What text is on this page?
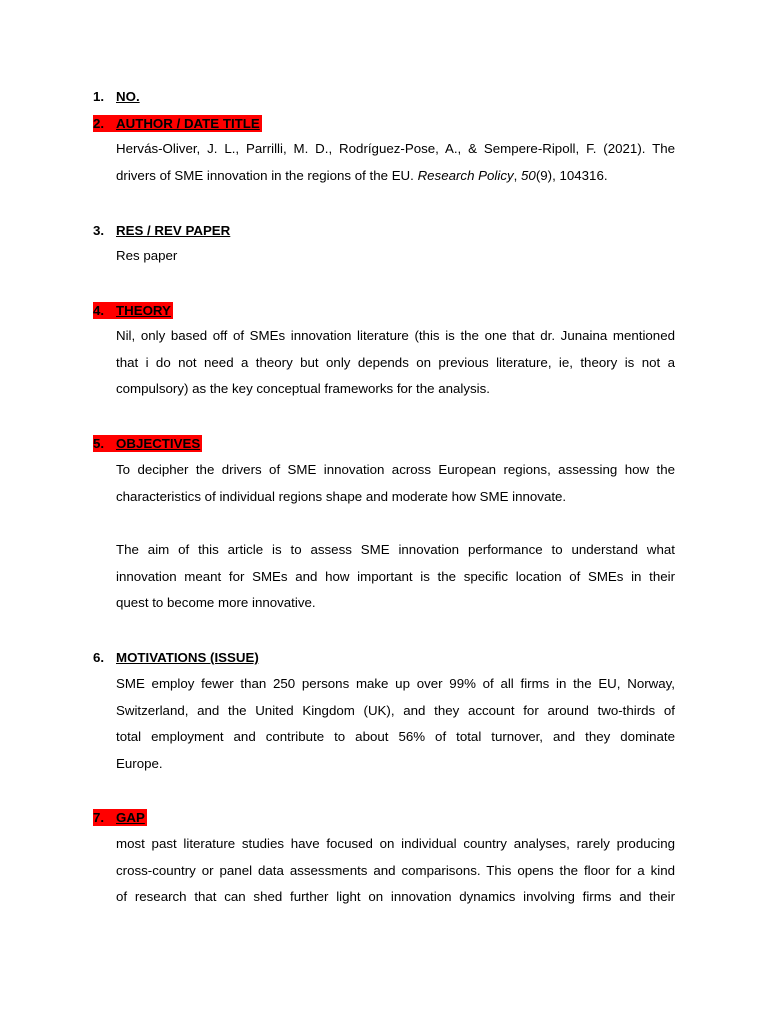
1. NO.
2. AUTHOR / DATE TITLE
Hervás-Oliver, J. L., Parrilli, M. D., Rodríguez-Pose, A., & Sempere-Ripoll, F. (2021). The
drivers of SME innovation in the regions of the EU. Research Policy, 50(9), 104316.
3. RES / REV PAPER
Res paper
4. THEORY
Nil, only based off of SMEs innovation literature (this is the one that dr. Junaina mentioned
that i do not need a theory but only depends on previous literature, ie, theory is not a
compulsory) as the key conceptual frameworks for the analysis.
5. OBJECTIVES
To decipher the drivers of SME innovation across European regions, assessing how the
characteristics of individual regions shape and moderate how SME innovate.
The aim of this article is to assess SME innovation performance to understand what
innovation meant for SMEs and how important is the specific location of SMEs in their
quest to become more innovative.
6. MOTIVATIONS (ISSUE)
SME employ fewer than 250 persons make up over 99% of all firms in the EU, Norway,
Switzerland, and the United Kingdom (UK), and they account for around two-thirds of
total employment and contribute to about 56% of total turnover, and they dominate
Europe.
7. GAP
most past literature studies have focused on individual country analyses, rarely producing
cross-country or panel data assessments and comparisons. This opens the floor for a kind
of research that can shed further light on innovation dynamics involving firms and their
